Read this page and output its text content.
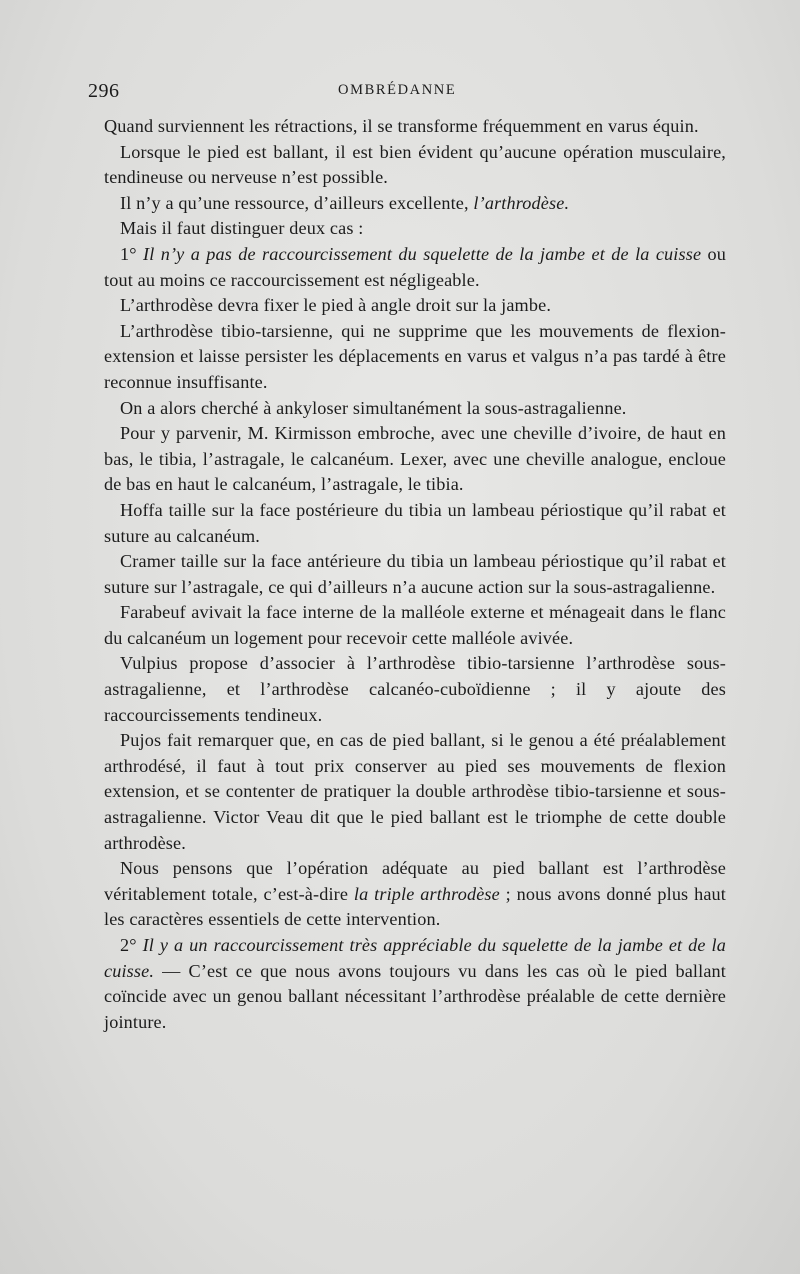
296	OMBRÉDANNE

Quand surviennent les rétractions, il se transforme fréquemment en varus équin.

Lorsque le pied est ballant, il est bien évident qu’aucune opération musculaire, tendineuse ou nerveuse n’est possible.

Il n’y a qu’une ressource, d’ailleurs excellente, l’arthrodèse.

Mais il faut distinguer deux cas :

1° Il n’y a pas de raccourcissement du squelette de la jambe et de la cuisse ou tout au moins ce raccourcissement est négligeable.

L’arthrodèse devra fixer le pied à angle droit sur la jambe.

L’arthrodèse tibio-tarsienne, qui ne supprime que les mouvements de flexion-extension et laisse persister les déplacements en varus et valgus n’a pas tardé à être reconnue insuffisante.

On a alors cherché à ankyloser simultanément la sous-astragalienne.

Pour y parvenir, M. Kirmisson embroche, avec une cheville d’ivoire, de haut en bas, le tibia, l’astragale, le calcanéum. Lexer, avec une cheville analogue, encloue de bas en haut le calcanéum, l’astragale, le tibia.

Hoffa taille sur la face postérieure du tibia un lambeau périostique qu’il rabat et suture au calcanéum.

Cramer taille sur la face antérieure du tibia un lambeau périostique qu’il rabat et suture sur l’astragale, ce qui d’ailleurs n’a aucune action sur la sous-astragalienne.

Farabeuf avivait la face interne de la malléole externe et ménageait dans le flanc du calcanéum un logement pour recevoir cette malléole avivée.

Vulpius propose d’associer à l’arthrodèse tibio-tarsienne l’arthrodèse sous-astragalienne, et l’arthrodèse calcanéo-cuboïdienne ; il y ajoute des raccourcissements tendineux.

Pujos fait remarquer que, en cas de pied ballant, si le genou a été préalablement arthrodésé, il faut à tout prix conserver au pied ses mouvements de flexion extension, et se contenter de pratiquer la double arthrodèse tibio-tarsienne et sous-astragalienne. Victor Veau dit que le pied ballant est le triomphe de cette double arthrodèse.

Nous pensons que l’opération adéquate au pied ballant est l’arthrodèse véritablement totale, c’est-à-dire la triple arthrodèse ; nous avons donné plus haut les caractères essentiels de cette intervention.

2° Il y a un raccourcissement très appréciable du squelette de la jambe et de la cuisse. — C’est ce que nous avons toujours vu dans les cas où le pied ballant coïncide avec un genou ballant nécessitant l’arthrodèse préalable de cette dernière jointure.
